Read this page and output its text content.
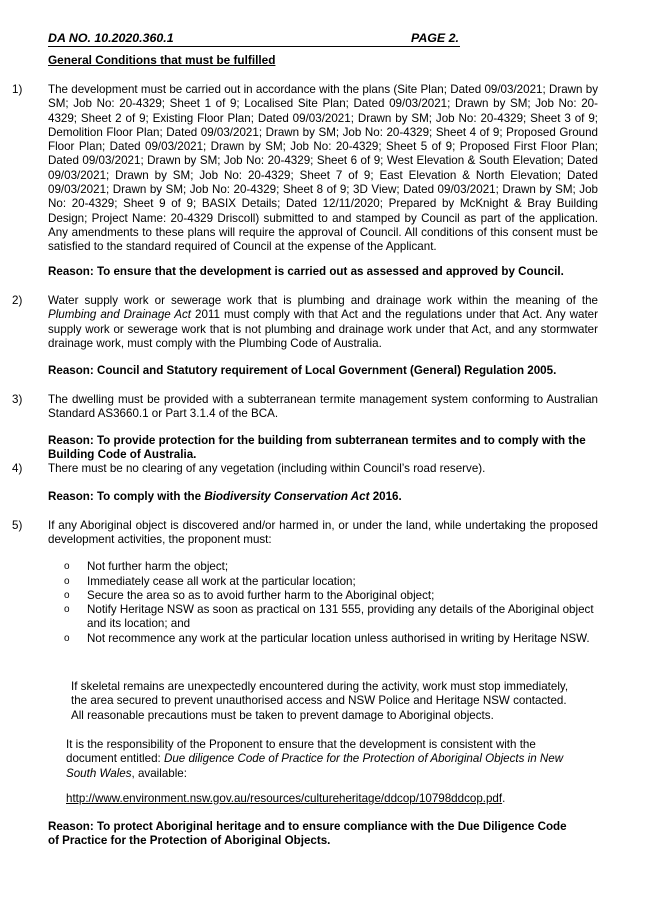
DA NO. 10.2020.360.1	PAGE 2.
General Conditions that must be fulfilled
1) The development must be carried out in accordance with the plans (Site Plan; Dated 09/03/2021; Drawn by SM; Job No: 20-4329; Sheet 1 of 9; Localised Site Plan; Dated 09/03/2021; Drawn by SM; Job No: 20-4329; Sheet 2 of 9; Existing Floor Plan; Dated 09/03/2021; Drawn by SM; Job No: 20-4329; Sheet 3 of 9; Demolition Floor Plan; Dated 09/03/2021; Drawn by SM; Job No: 20-4329; Sheet 4 of 9; Proposed Ground Floor Plan; Dated 09/03/2021; Drawn by SM; Job No: 20-4329; Sheet 5 of 9; Proposed First Floor Plan; Dated 09/03/2021; Drawn by SM; Job No: 20-4329; Sheet 6 of 9; West Elevation & South Elevation; Dated 09/03/2021; Drawn by SM; Job No: 20-4329; Sheet 7 of 9; East Elevation & North Elevation; Dated 09/03/2021; Drawn by SM; Job No: 20-4329; Sheet 8 of 9; 3D View; Dated 09/03/2021; Drawn by SM; Job No: 20-4329; Sheet 9 of 9; BASIX Details; Dated 12/11/2020; Prepared by McKnight & Bray Building Design; Project Name: 20-4329 Driscoll) submitted to and stamped by Council as part of the application. Any amendments to these plans will require the approval of Council. All conditions of this consent must be satisfied to the standard required of Council at the expense of the Applicant.
Reason: To ensure that the development is carried out as assessed and approved by Council.
2) Water supply work or sewerage work that is plumbing and drainage work within the meaning of the Plumbing and Drainage Act 2011 must comply with that Act and the regulations under that Act. Any water supply work or sewerage work that is not plumbing and drainage work under that Act, and any stormwater drainage work, must comply with the Plumbing Code of Australia.
Reason: Council and Statutory requirement of Local Government (General) Regulation 2005.
3) The dwelling must be provided with a subterranean termite management system conforming to Australian Standard AS3660.1 or Part 3.1.4 of the BCA.
Reason: To provide protection for the building from subterranean termites and to comply with the Building Code of Australia.
4) There must be no clearing of any vegetation (including within Council’s road reserve).
Reason: To comply with the Biodiversity Conservation Act 2016.
5) If any Aboriginal object is discovered and/or harmed in, or under the land, while undertaking the proposed development activities, the proponent must:
o	Not further harm the object;
o	Immediately cease all work at the particular location;
o	Secure the area so as to avoid further harm to the Aboriginal object;
o	Notify Heritage NSW as soon as practical on 131 555, providing any details of the Aboriginal object and its location; and
o	Not recommence any work at the particular location unless authorised in writing by Heritage NSW.
If skeletal remains are unexpectedly encountered during the activity, work must stop immediately, the area secured to prevent unauthorised access and NSW Police and Heritage NSW contacted. All reasonable precautions must be taken to prevent damage to Aboriginal objects.
It is the responsibility of the Proponent to ensure that the development is consistent with the document entitled: Due diligence Code of Practice for the Protection of Aboriginal Objects in New South Wales, available:
http://www.environment.nsw.gov.au/resources/cultureheritage/ddcop/10798ddcop.pdf.
Reason: To protect Aboriginal heritage and to ensure compliance with the Due Diligence Code of Practice for the Protection of Aboriginal Objects.
